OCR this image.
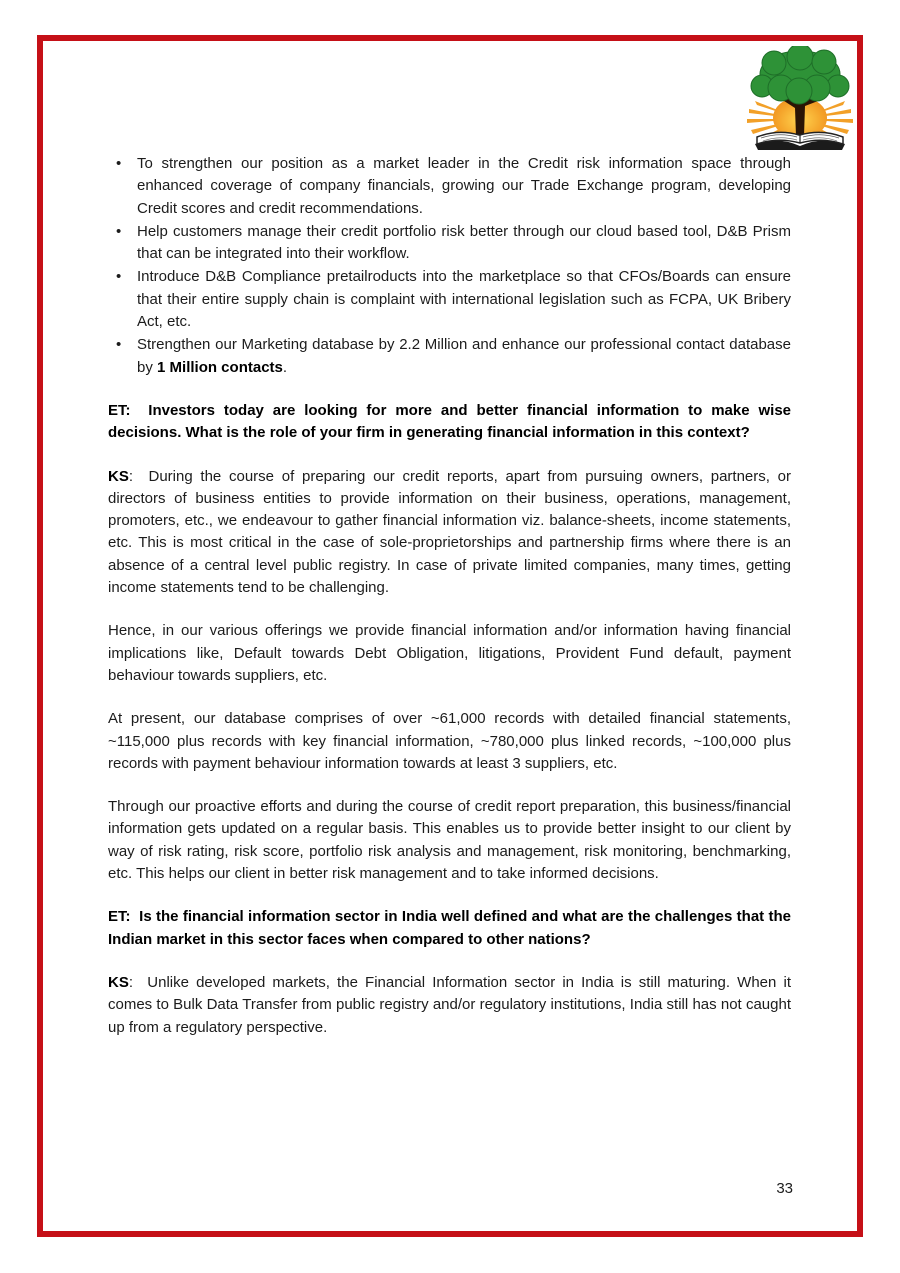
• To strengthen our position as a market leader in the Credit risk information space through enhanced coverage of company financials, growing our Trade Exchange program, developing Credit scores and credit recommendations.
• Help customers manage their credit portfolio risk better through our cloud based tool, D&B Prism that can be integrated into their workflow.
• Introduce D&B Compliance pretailroducts into the marketplace so that CFOs/Boards can ensure that their entire supply chain is complaint with international legislation such as FCPA, UK Bribery Act, etc.
• Strengthen our Marketing database by 2.2 Million and enhance our professional contact database by 1 Million contacts.

ET:  Investors today are looking for more and better financial information to make wise decisions. What is the role of your firm in generating financial information in this context?

KS:  During the course of preparing our credit reports, apart from pursuing owners, partners, or directors of business entities to provide information on their business, operations, management, promoters, etc., we endeavour to gather financial information viz. balance-sheets, income statements, etc. This is most critical in the case of sole-proprietorships and partnership firms where there is an absence of a central level public registry. In case of private limited companies, many times, getting income statements tend to be challenging.

Hence, in our various offerings we provide financial information and/or information having financial implications like, Default towards Debt Obligation, litigations, Provident Fund default, payment behaviour towards suppliers, etc.

At present, our database comprises of over ~61,000 records with detailed financial statements, ~115,000 plus records with key financial information, ~780,000 plus linked records, ~100,000 plus records with payment behaviour information towards at least 3 suppliers, etc.

Through our proactive efforts and during the course of credit report preparation, this business/financial information gets updated on a regular basis. This enables us to provide better insight to our client by way of risk rating, risk score, portfolio risk analysis and management, risk monitoring, benchmarking, etc. This helps our client in better risk management and to take informed decisions.

ET:  Is the financial information sector in India well defined and what are the challenges that the Indian market in this sector faces when compared to other nations?

KS:  Unlike developed markets, the Financial Information sector in India is still maturing. When it comes to Bulk Data Transfer from public registry and/or regulatory institutions, India still has not caught up from a regulatory perspective.

33
